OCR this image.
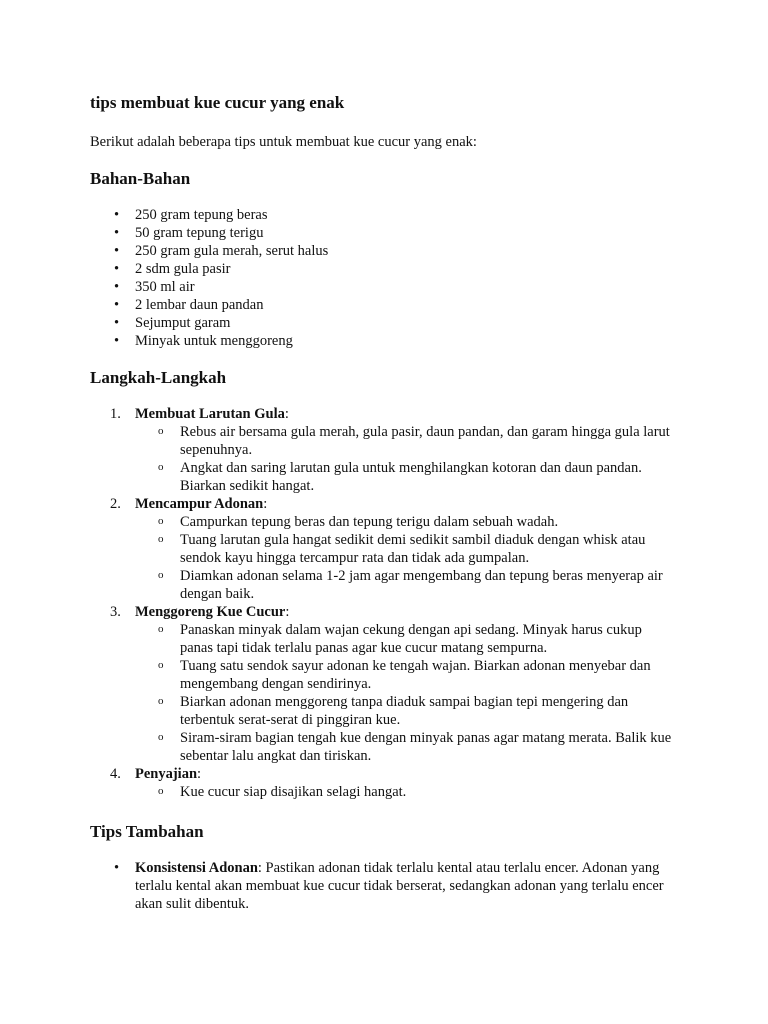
tips membuat kue cucur yang enak

Berikut adalah beberapa tips untuk membuat kue cucur yang enak:

Bahan-Bahan
• 250 gram tepung beras
• 50 gram tepung terigu
• 250 gram gula merah, serut halus
• 2 sdm gula pasir
• 350 ml air
• 2 lembar daun pandan
• Sejumput garam
• Minyak untuk menggoreng
Langkah-Langkah
1. Membuat Larutan Gula:
o Rebus air bersama gula merah, gula pasir, daun pandan, dan garam hingga gula larut sepenuhnya.
o Angkat dan saring larutan gula untuk menghilangkan kotoran dan daun pandan. Biarkan sedikit hangat.
2. Mencampur Adonan:
o Campurkan tepung beras dan tepung terigu dalam sebuah wadah.
o Tuang larutan gula hangat sedikit demi sedikit sambil diaduk dengan whisk atau sendok kayu hingga tercampur rata dan tidak ada gumpalan.
o Diamkan adonan selama 1-2 jam agar mengembang dan tepung beras menyerap air dengan baik.
3. Menggoreng Kue Cucur:
o Panaskan minyak dalam wajan cekung dengan api sedang. Minyak harus cukup panas tapi tidak terlalu panas agar kue cucur matang sempurna.
o Tuang satu sendok sayur adonan ke tengah wajan. Biarkan adonan menyebar dan mengembang dengan sendirinya.
o Biarkan adonan menggoreng tanpa diaduk sampai bagian tepi mengering dan terbentuk serat-serat di pinggiran kue.
o Siram-siram bagian tengah kue dengan minyak panas agar matang merata. Balik kue sebentar lalu angkat dan tiriskan.
4. Penyajian:
o Kue cucur siap disajikan selagi hangat.
Tips Tambahan
• Konsistensi Adonan: Pastikan adonan tidak terlalu kental atau terlalu encer. Adonan yang terlalu kental akan membuat kue cucur tidak berserat, sedangkan adonan yang terlalu encer akan sulit dibentuk.
